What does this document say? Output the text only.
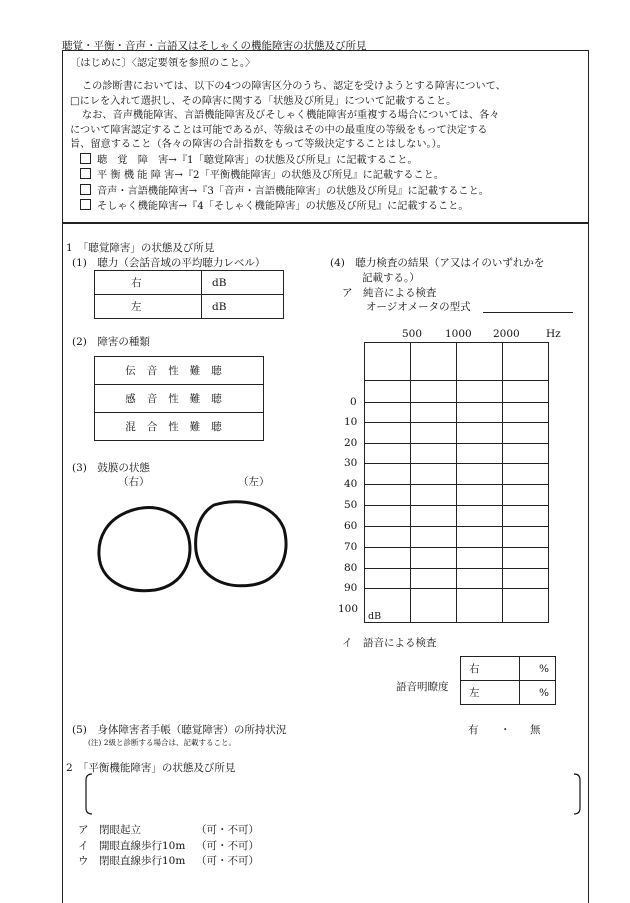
聴覚・平衡・音声・言語又はそしゃくの機能障害の状態及び所見
〔はじめに〕〈認定要領を参照のこと。〉

この診断書においては、以下の4つの障害区分のうち、認定を受けようとする障害について、

□にレを入れて選択し、その障害に関する「状態及び所見」について記載すること。

なお、音声機能障害、言語機能障害及びそしゃく機能障害が重複する場合については、各々

について障害認定することは可能であるが、等級はその中の最重度の等級をもって決定する

旨、留意すること（各々の障害の合計指数をもって等級決定することはしない。）。

聴　覚　障　害→『1「聴覚障害」の状態及び所見』に記載すること。

平 衡 機 能 障 害→『2「平衡機能障害」の状態及び所見』に記載すること。

音声・言語機能障害→『3「音声・言語機能障害」の状態及び所見』に記載すること。

そしゃく機能障害→『4「そしゃく機能障害」の状態及び所見』に記載すること。

1　「聴覚障害」の状態及び所見
(1)　聴力（会話音域の平均聴力レベル）
右	dB
左	dB
(2)　障害の種類
伝音性難聴
感音性難聴
混合性難聴
(3)　鼓膜の状態
（右）	（左）
(4)　聴力検査の結果（ア又はイのいずれかを
記載する。）
ア　純音による検査
オージオメータの型式
500 1000 2000	Hz
0
10
20
30
40
50
60
70
80
90
100
dB
イ　語音による検査
語音明瞭度
右	%
左	%
(5)　身体障害者手帳（聴覚障害）の所持状況
(注) 2級と診断する場合は、記載すること。
有 ・ 無
2　「平衡機能障害」の状態及び所見
ア　閉眼起立	（可・不可）
イ　開眼直線歩行10m （可・不可）
ウ　閉眼直線歩行10m （可・不可）
